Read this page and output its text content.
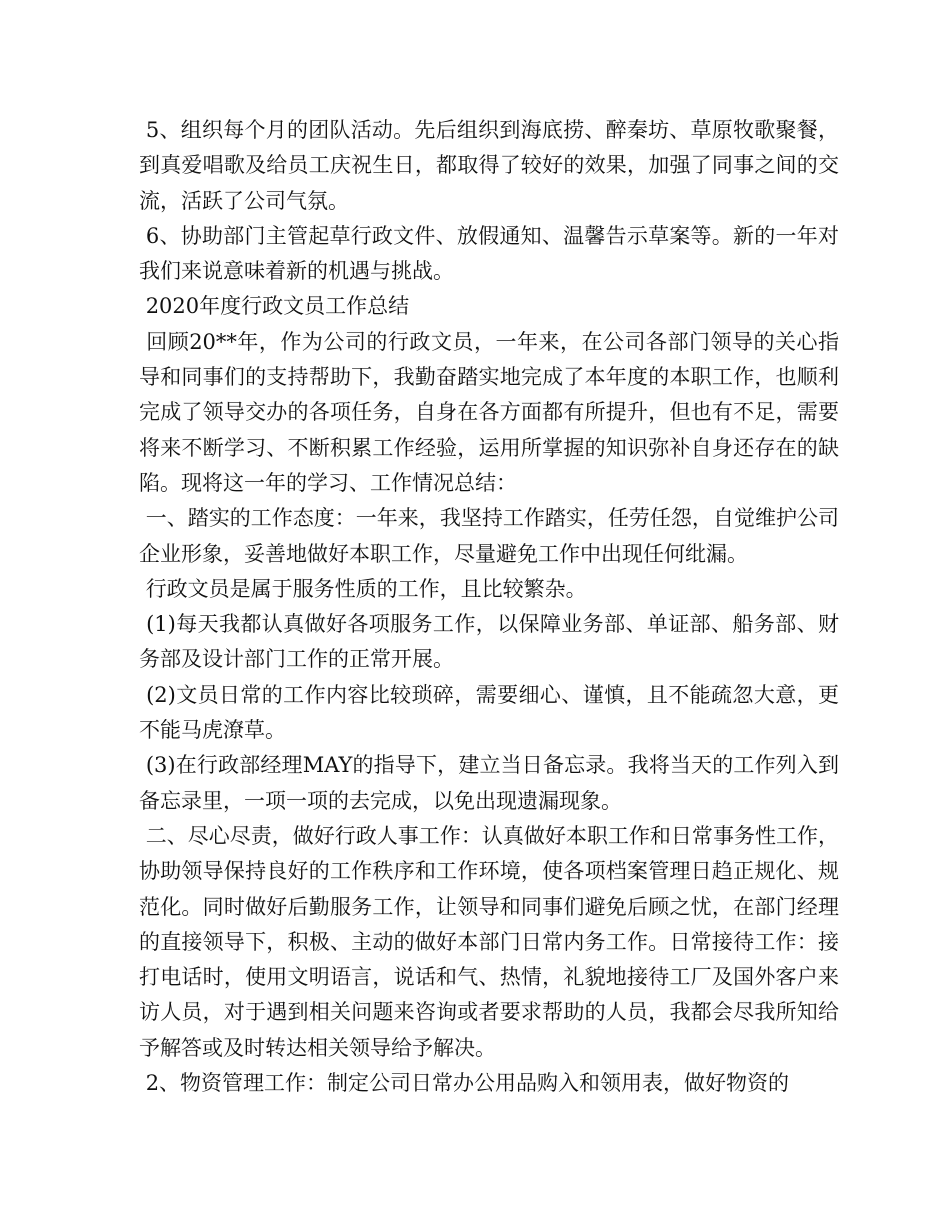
5、组织每个月的团队活动。先后组织到海底捞、醉秦坊、草原牧歌聚餐，到真爱唱歌及给员工庆祝生日，都取得了较好的效果，加强了同事之间的交流，活跃了公司气氛。

6、协助部门主管起草行政文件、放假通知、温馨告示草案等。新的一年对我们来说意味着新的机遇与挑战。

2020年度行政文员工作总结

回顾20**年，作为公司的行政文员，一年来，在公司各部门领导的关心指导和同事们的支持帮助下，我勤奋踏实地完成了本年度的本职工作，也顺利完成了领导交办的各项任务，自身在各方面都有所提升，但也有不足，需要将来不断学习、不断积累工作经验，运用所掌握的知识弥补自身还存在的缺陷。现将这一年的学习、工作情况总结：

一、踏实的工作态度：一年来，我坚持工作踏实，任劳任怨，自觉维护公司企业形象，妥善地做好本职工作，尽量避免工作中出现任何纰漏。

行政文员是属于服务性质的工作，且比较繁杂。

(1)每天我都认真做好各项服务工作，以保障业务部、单证部、船务部、财务部及设计部门工作的正常开展。

(2)文员日常的工作内容比较琐碎，需要细心、谨慎，且不能疏忽大意，更不能马虎潦草。

(3)在行政部经理MAY的指导下，建立当日备忘录。我将当天的工作列入到备忘录里，一项一项的去完成，以免出现遗漏现象。

二、尽心尽责，做好行政人事工作：认真做好本职工作和日常事务性工作，协助领导保持良好的工作秩序和工作环境，使各项档案管理日趋正规化、规范化。同时做好后勤服务工作，让领导和同事们避免后顾之忧，在部门经理的直接领导下，积极、主动的做好本部门日常内务工作。日常接待工作：接打电话时，使用文明语言，说话和气、热情，礼貌地接待工厂及国外客户来访人员，对于遇到相关问题来咨询或者要求帮助的人员，我都会尽我所知给予解答或及时转达相关领导给予解决。

2、物资管理工作：制定公司日常办公用品购入和领用表，做好物资的
